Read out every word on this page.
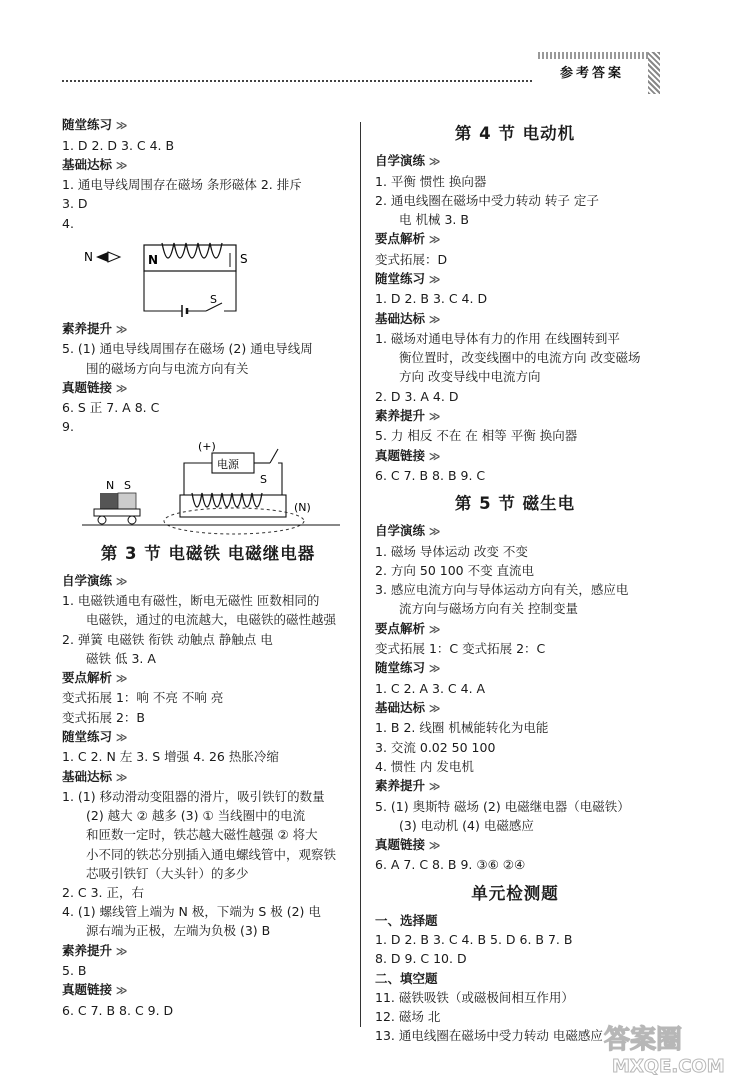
参考答案
随堂练习 ≫
1. D 2. D 3. C 4. B
基础达标 ≫
1. 通电导线周围存在磁场 条形磁体 2. 排斥
3. D
4.
N	N	S
S
素养提升 ≫
5. (1) 通电导线周围存在磁场 (2) 通电导线周
围的磁场方向与电流方向有关
真题链接 ≫
6. S 正 7. A 8. C
9.
(+)
电源
S
(N)
N S
第 3 节 电磁铁 电磁继电器
自学演练 ≫
1. 电磁铁通电有磁性，断电无磁性 匝数相同的
电磁铁，通过的电流越大，电磁铁的磁性越强
2. 弹簧 电磁铁 衔铁 动触点 静触点 电
磁铁 低 3. A
要点解析 ≫
变式拓展 1：响 不亮 不响 亮
变式拓展 2：B
随堂练习 ≫
1. C 2. N 左 3. S 增强 4. 26 热胀冷缩
基础达标 ≫
1. (1) 移动滑动变阻器的滑片，吸引铁钉的数量
(2) 越大 ② 越多 (3) ① 当线圈中的电流
和匝数一定时，铁芯越大磁性越强 ② 将大
小不同的铁芯分别插入通电螺线管中，观察铁
芯吸引铁钉（大头针）的多少
2. C 3. 正，右
4. (1) 螺线管上端为 N 极，下端为 S 极 (2) 电
源右端为正极，左端为负极 (3) B
素养提升 ≫
5. B
真题链接 ≫
6. C 7. B 8. C 9. D
第 4 节 电动机
自学演练 ≫
1. 平衡 惯性 换向器
2. 通电线圈在磁场中受力转动 转子 定子
电 机械 3. B
要点解析 ≫
变式拓展：D
随堂练习 ≫
1. D 2. B 3. C 4. D
基础达标 ≫
1. 磁场对通电导体有力的作用 在线圈转到平
衡位置时，改变线圈中的电流方向 改变磁场
方向 改变导线中电流方向
2. D 3. A 4. D
素养提升 ≫
5. 力 相反 不在 在 相等 平衡 换向器
真题链接 ≫
6. C 7. B 8. B 9. C
第 5 节 磁生电
自学演练 ≫
1. 磁场 导体运动 改变 不变
2. 方向 50 100 不变 直流电
3. 感应电流方向与导体运动方向有关，感应电
流方向与磁场方向有关 控制变量
要点解析 ≫
变式拓展 1：C 变式拓展 2：C
随堂练习 ≫
1. C 2. A 3. C 4. A
基础达标 ≫
1. B 2. 线圈 机械能转化为电能
3. 交流 0.02 50 100
4. 惯性 内 发电机
素养提升 ≫
5. (1) 奥斯特 磁场 (2) 电磁继电器（电磁铁）
(3) 电动机 (4) 电磁感应
真题链接 ≫
6. A 7. C 8. B 9. ③⑥ ②④
单元检测题
一、选择题
1. D 2. B 3. C 4. B 5. D 6. B 7. B
8. D 9. C 10. D
二、填空题
11. 磁铁吸铁（或磁极间相互作用）
12. 磁场 北
13. 通电线圈在磁场中受力转动 电磁感应 答案圈
MXQE.COM
